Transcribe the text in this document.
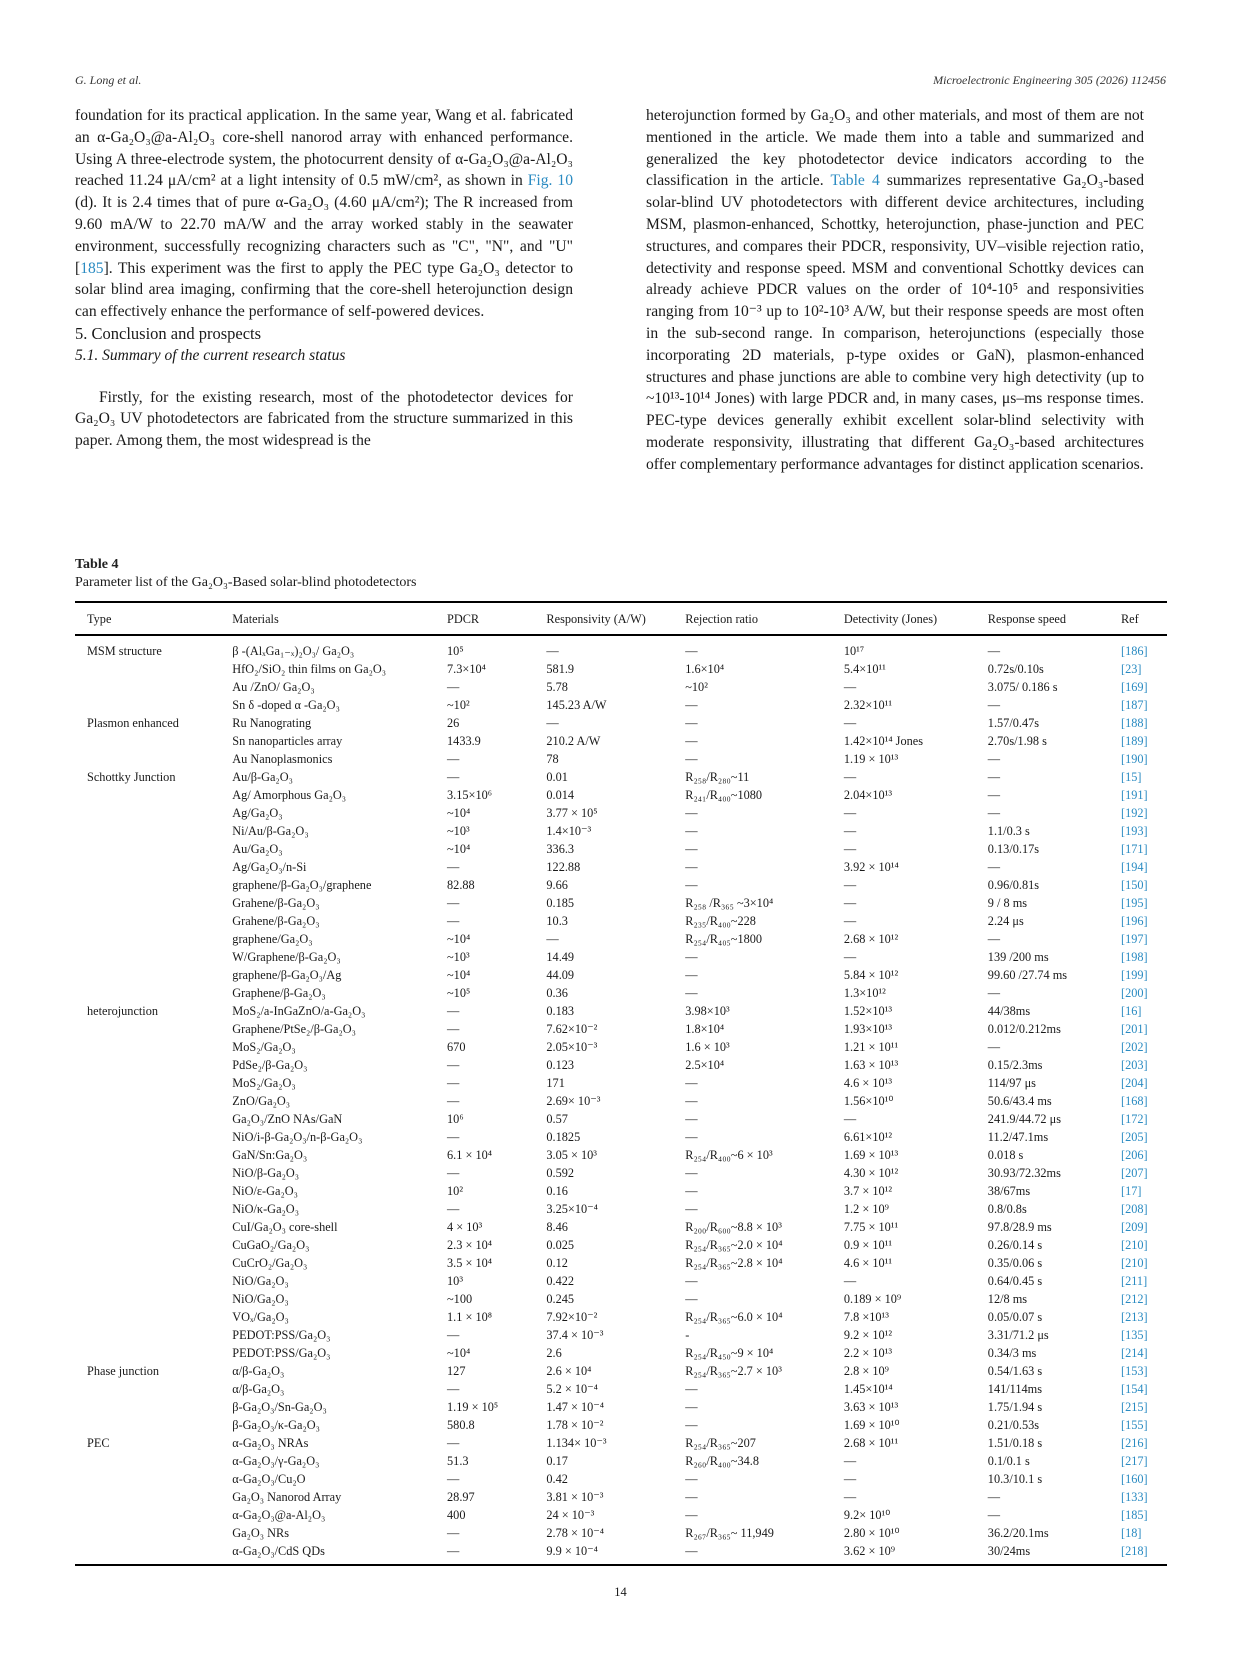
G. Long et al.	Microelectronic Engineering 305 (2026) 112456

foundation for its practical application. In the same year, Wang et al. fabricated an α-Ga₂O₃@a-Al₂O₃ core-shell nanorod array with enhanced performance. Using A three-electrode system, the photocurrent density of α-Ga₂O₃@a-Al₂O₃ reached 11.24 μA/cm² at a light intensity of 0.5 mW/cm², as shown in Fig. 10 (d). It is 2.4 times that of pure α-Ga₂O₃ (4.60 μA/cm²); The R increased from 9.60 mA/W to 22.70 mA/W and the array worked stably in the seawater environment, successfully recognizing characters such as "C", "N", and "U"[185]. This experiment was the first to apply the PEC type Ga₂O₃ detector to solar blind area imaging, confirming that the core-shell heterojunction design can effectively enhance the performance of self-powered devices.

5. Conclusion and prospects

5.1. Summary of the current research status

Firstly, for the existing research, most of the photodetector devices for Ga₂O₃ UV photodetectors are fabricated from the structure summarized in this paper. Among them, the most widespread is the

heterojunction formed by Ga₂O₃ and other materials, and most of them are not mentioned in the article. We made them into a table and summarized and generalized the key photodetector device indicators according to the classification in the article. Table 4 summarizes representative Ga₂O₃-based solar-blind UV photodetectors with different device architectures, including MSM, plasmon-enhanced, Schottky, heterojunction, phase-junction and PEC structures, and compares their PDCR, responsivity, UV–visible rejection ratio, detectivity and response speed. MSM and conventional Schottky devices can already achieve PDCR values on the order of 10⁴-10⁵ and responsivities ranging from 10⁻³ up to 10²-10³ A/W, but their response speeds are most often in the sub-second range. In comparison, heterojunctions (especially those incorporating 2D materials, p-type oxides or GaN), plasmon-enhanced structures and phase junctions are able to combine very high detectivity (up to ~10¹³-10¹⁴ Jones) with large PDCR and, in many cases, μs–ms response times. PEC-type devices generally exhibit excellent solar-blind selectivity with moderate responsivity, illustrating that different Ga₂O₃-based architectures offer complementary performance advantages for distinct application scenarios.

Table 4
Parameter list of the Ga₂O₃-Based solar-blind photodetectors
Type	Materials	PDCR	Responsivity (A/W)	Rejection ratio	Detectivity (Jones)	Response speed	Ref
MSM structure	β -(AlₓGa₁₋ₓ)₂O₃/ Ga₂O₃	10⁵	—	—	10¹⁷	—	[186]
	HfO₂/SiO₂ thin films on Ga₂O₃	7.3×10⁴	581.9	1.6×10⁴	5.4×10¹¹	0.72s/0.10s	[23]
	Au /ZnO/ Ga₂O₃	—	5.78	~10²	—	3.075/ 0.186 s	[169]
	Sn δ -doped α -Ga₂O₃	~10²	145.23 A/W	—	2.32×10¹¹	—	[187]
Plasmon enhanced	Ru Nanograting	26	—	—	—	1.57/0.47s	[188]
	Sn nanoparticles array	1433.9	210.2 A/W	—	1.42×10¹⁴ Jones	2.70s/1.98 s	[189]
	Au Nanoplasmonics	—	78	—	1.19 × 10¹³	—	[190]
Schottky Junction	Au/β-Ga₂O₃	—	0.01	R₂₅₈/R₂₈₀~11	—	—	[15]
	Ag/ Amorphous Ga₂O₃	3.15×10⁶	0.014	R₂₄₁/R₄₀₀~1080	2.04×10¹³	—	[191]
	Ag/Ga₂O₃	~10⁴	3.77 × 10⁵	—	—	—	[192]
	Ni/Au/β-Ga₂O₃	~10³	1.4×10⁻³	—	—	1.1/0.3 s	[193]
	Au/Ga₂O₃	~10⁴	336.3	—	—	0.13/0.17s	[171]
	Ag/Ga₂O₃/n-Si	—	122.88	—	3.92 × 10¹⁴	—	[194]
	graphene/β-Ga₂O₃/graphene	82.88	9.66	—	—	0.96/0.81s	[150]
	Grahene/β-Ga₂O₃	—	0.185	R₂₅₈ /R₃₆₅ ~3×10⁴	—	9 / 8 ms	[195]
	Grahene/β-Ga₂O₃	—	10.3	R₂₃₅/R₄₀₀~228	—	2.24 μs	[196]
	graphene/Ga₂O₃	~10⁴	—	R₂₅₄/R₄₀₅~1800	2.68 × 10¹²	—	[197]
	W/Graphene/β-Ga₂O₃	~10³	14.49	—	—	139 /200 ms	[198]
	graphene/β-Ga₂O₃/Ag	~10⁴	44.09	—	5.84 × 10¹²	99.60 /27.74 ms	[199]
	Graphene/β-Ga₂O₃	~10⁵	0.36	—	1.3×10¹²	—	[200]
heterojunction	MoS₂/a-InGaZnO/a-Ga₂O₃	—	0.183	3.98×10³	1.52×10¹³	44/38ms	[16]
	Graphene/PtSe₂/β-Ga₂O₃	—	7.62×10⁻²	1.8×10⁴	1.93×10¹³	0.012/0.212ms	[201]
	MoS₂/Ga₂O₃	670	2.05×10⁻³	1.6 × 10³	1.21 × 10¹¹	—	[202]
	PdSe₂/β-Ga₂O₃	—	0.123	2.5×10⁴	1.63 × 10¹³	0.15/2.3ms	[203]
	MoS₂/Ga₂O₃	—	171	—	4.6 × 10¹³	114/97 μs	[204]
	ZnO/Ga₂O₃	—	2.69× 10⁻³	—	1.56×10¹⁰	50.6/43.4 ms	[168]
	Ga₂O₃/ZnO NAs/GaN	10⁶	0.57	—	—	241.9/44.72 μs	[172]
	NiO/i-β-Ga₂O₃/n-β-Ga₂O₃	—	0.1825	—	6.61×10¹²	11.2/47.1ms	[205]
	GaN/Sn:Ga₂O₃	6.1 × 10⁴	3.05 × 10³	R₂₅₄/R₄₀₀~6 × 10³	1.69 × 10¹³	0.018 s	[206]
	NiO/β-Ga₂O₃	—	0.592	—	4.30 × 10¹²	30.93/72.32ms	[207]
	NiO/ε-Ga₂O₃	10²	0.16	—	3.7 × 10¹²	38/67ms	[17]
	NiO/κ-Ga₂O₃	—	3.25×10⁻⁴	—	1.2 × 10⁹	0.8/0.8s	[208]
	CuI/Ga₂O₃ core-shell	4 × 10³	8.46	R₂₀₀/R₆₀₀~8.8 × 10³	7.75 × 10¹¹	97.8/28.9 ms	[209]
	CuGaO₂/Ga₂O₃	2.3 × 10⁴	0.025	R₂₅₄/R₃₆₅~2.0 × 10⁴	0.9 × 10¹¹	0.26/0.14 s	[210]
	CuCrO₂/Ga₂O₃	3.5 × 10⁴	0.12	R₂₅₄/R₃₆₅~2.8 × 10⁴	4.6 × 10¹¹	0.35/0.06 s	[210]
	NiO/Ga₂O₃	10³	0.422	—	—	0.64/0.45 s	[211]
	NiO/Ga₂O₃	~100	0.245	—	0.189 × 10⁹	12/8 ms	[212]
	VOₓ/Ga₂O₃	1.1 × 10⁸	7.92×10⁻²	R₂₅₄/R₃₆₅~6.0 × 10⁴	7.8 ×10¹³	0.05/0.07 s	[213]
	PEDOT:PSS/Ga₂O₃	—	37.4 × 10⁻³	-	9.2 × 10¹²	3.31/71.2 μs	[135]
	PEDOT:PSS/Ga₂O₃	~10⁴	2.6	R₂₅₄/R₄₅₀~9 × 10⁴	2.2 × 10¹³	0.34/3 ms	[214]
Phase junction	α/β-Ga₂O₃	127	2.6 × 10⁴	R₂₅₄/R₃₆₅~2.7 × 10³	2.8 × 10⁹	0.54/1.63 s	[153]
	α/β-Ga₂O₃	—	5.2 × 10⁻⁴	—	1.45×10¹⁴	141/114ms	[154]
	β-Ga₂O₃/Sn-Ga₂O₃	1.19 × 10⁵	1.47 × 10⁻⁴	—	3.63 × 10¹³	1.75/1.94 s	[215]
	β-Ga₂O₃/κ-Ga₂O₃	580.8	1.78 × 10⁻²	—	1.69 × 10¹⁰	0.21/0.53s	[155]
PEC	α-Ga₂O₃ NRAs	—	1.134× 10⁻³	R₂₅₄/R₃₆₅~207	2.68 × 10¹¹	1.51/0.18 s	[216]
	α-Ga₂O₃/γ-Ga₂O₃	51.3	0.17	R₂₆₀/R₄₀₀~34.8	—	0.1/0.1 s	[217]
	α-Ga₂O₃/Cu₂O	—	0.42	—	—	10.3/10.1 s	[160]
	Ga₂O₃ Nanorod Array	28.97	3.81 × 10⁻³	—	—	—	[133]
	α-Ga₂O₃@a-Al₂O₃	400	24 × 10⁻³	—	9.2× 10¹⁰	—	[185]
	Ga₂O₃ NRs	—	2.78 × 10⁻⁴	R₂₆₇/R₃₆₅~ 11,949	2.80 × 10¹⁰	36.2/20.1ms	[18]
	α-Ga₂O₃/CdS QDs	—	9.9 × 10⁻⁴	—	3.62 × 10⁹	30/24ms	[218]
14
